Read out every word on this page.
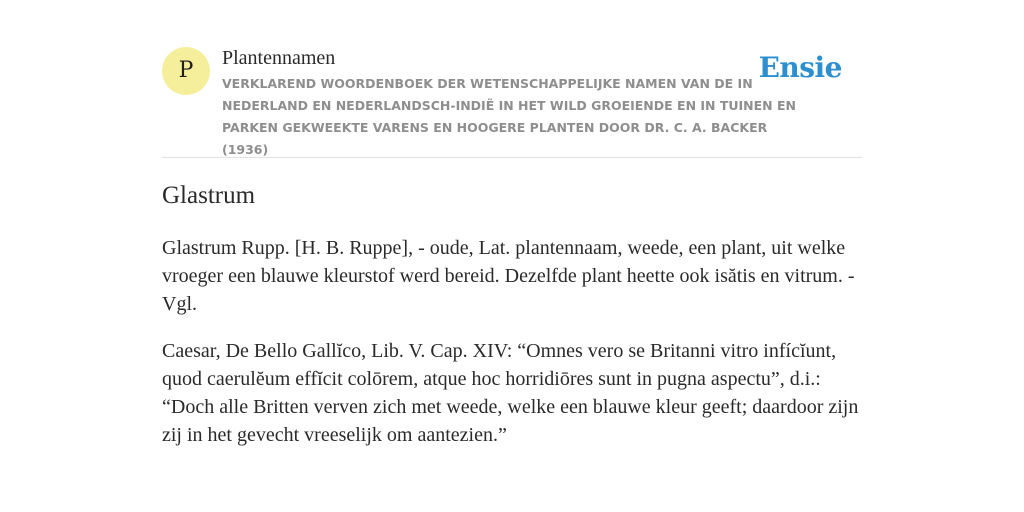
P Plantennamen
VERKLAREND WOORDENBOEK DER WETENSCHAPPELIJKE NAMEN VAN DE IN NEDERLAND EN NEDERLANDSCH-INDIË IN HET WILD GROEIENDE EN IN TUINEN EN PARKEN GEKWEEKTE VARENS EN HOOGERE PLANTEN DOOR DR. C. A. BACKER (1936)
Ensie
Glastrum

Glastrum Rupp. [H. B. Ruppe], - oude, Lat. plantennaam, weede, een plant, uit welke vroeger een blauwe kleurstof werd bereid. Dezelfde plant heette ook isătis en vitrum. - Vgl.

Caesar, De Bello Gallĭco, Lib. V. Cap. XIV: “Omnes vero se Britanni vitro infícĭunt, quod caerulĕum effĭcit colōrem, atque hoc horridiōres sunt in pugna aspectu”, d.i.: “Doch alle Britten verven zich met weede, welke een blauwe kleur geeft; daardoor zijn zij in het gevecht vreeselijk om aantezien.”
